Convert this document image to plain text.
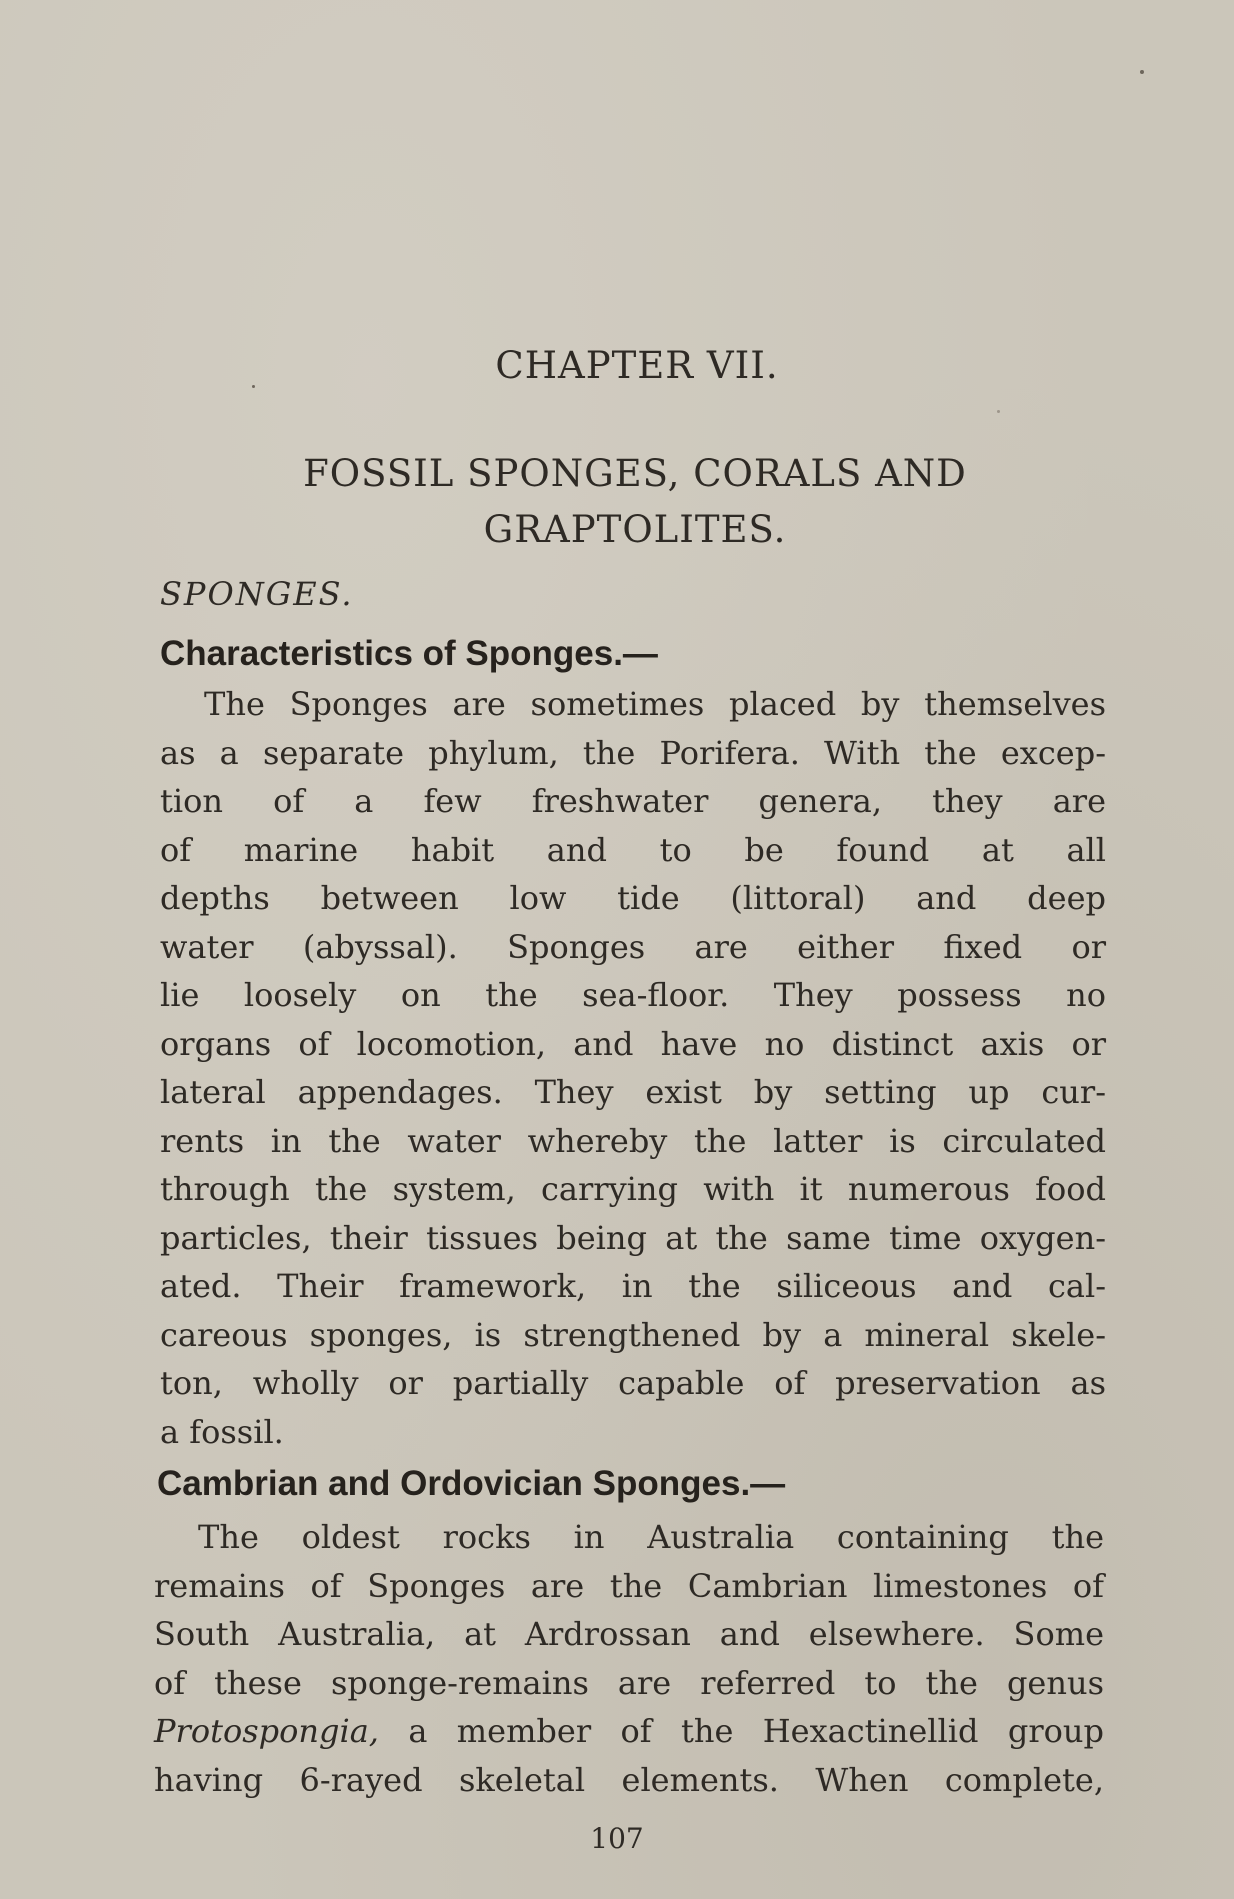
CHAPTER VII.
FOSSIL SPONGES, CORALS AND
GRAPTOLITES.
SPONGES.
Characteristics of Sponges.—
The Sponges are sometimes placed by themselves
as a separate phylum, the Porifera. With the excep-
tion of a few freshwater genera, they are
of marine habit and to be found at all
depths between low tide (littoral) and deep
water (abyssal). Sponges are either fixed or
lie loosely on the sea-floor. They possess no
organs of locomotion, and have no distinct axis or
lateral appendages. They exist by setting up cur-
rents in the water whereby the latter is circulated
through the system, carrying with it numerous food
particles, their tissues being at the same time oxygen-
ated. Their framework, in the siliceous and cal-
careous sponges, is strengthened by a mineral skele-
ton, wholly or partially capable of preservation as
a fossil.
Cambrian and Ordovician Sponges.—
The oldest rocks in Australia containing the
remains of Sponges are the Cambrian limestones of
South Australia, at Ardrossan and elsewhere. Some
of these sponge-remains are referred to the genus
Protospongia, a member of the Hexactinellid group
having 6-rayed skeletal elements. When complete,
107
